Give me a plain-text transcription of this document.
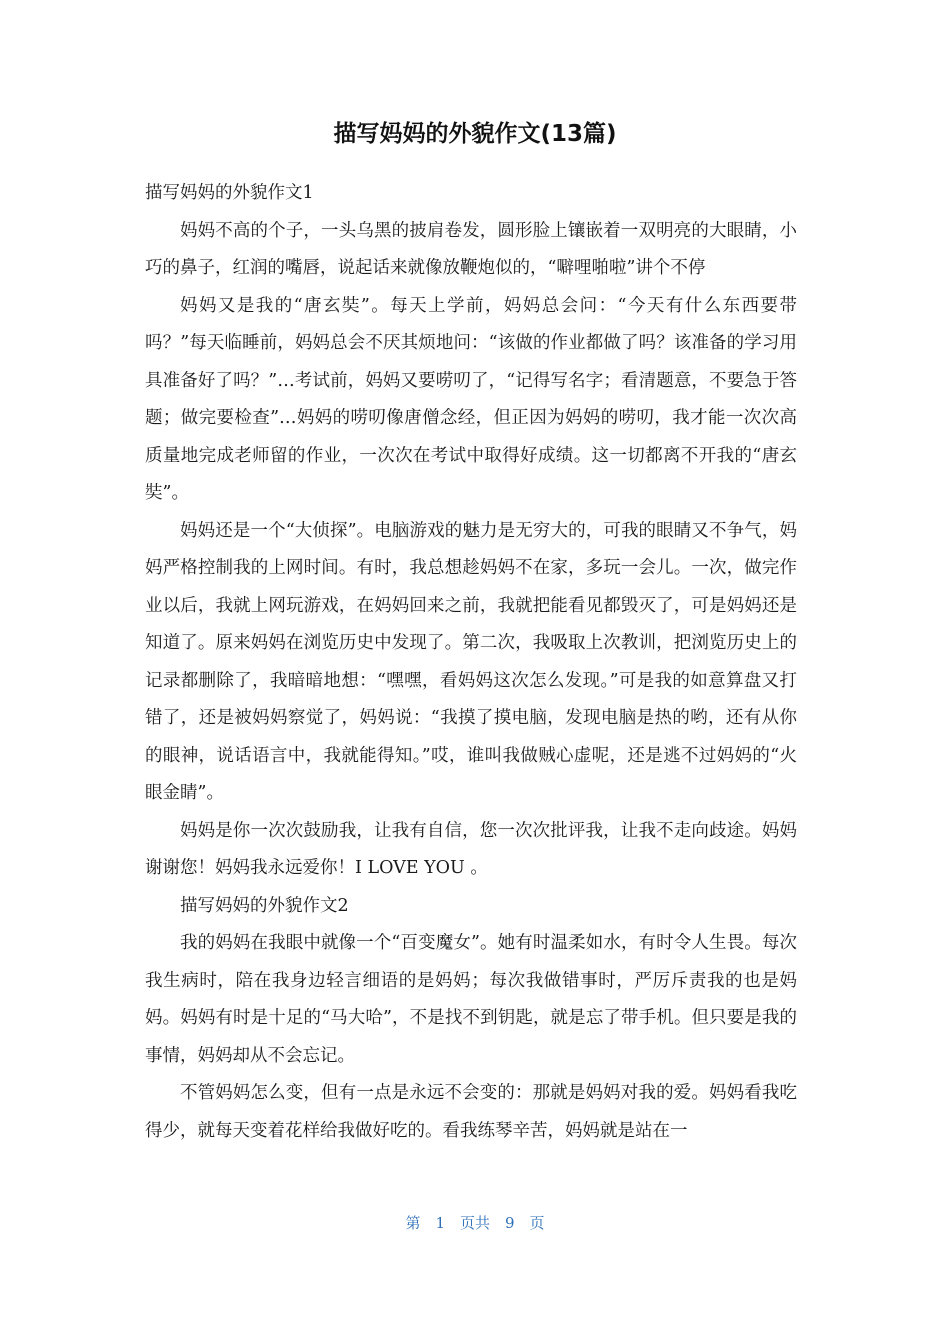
描写妈妈的外貌作文(13篇)

描写妈妈的外貌作文1

妈妈不高的个子，一头乌黑的披肩卷发，圆形脸上镶嵌着一双明亮的大眼睛，小巧的鼻子，红润的嘴唇，说起话来就像放鞭炮似的，“噼哩啪啦”讲个不停

妈妈又是我的“唐玄奘”。每天上学前，妈妈总会问：“今天有什么东西要带吗？”每天临睡前，妈妈总会不厌其烦地问：“该做的作业都做了吗？该准备的学习用具准备好了吗？”…考试前，妈妈又要唠叨了，“记得写名字；看清题意，不要急于答题；做完要检查”…妈妈的唠叨像唐僧念经，但正因为妈妈的唠叨，我才能一次次高质量地完成老师留的作业，一次次在考试中取得好成绩。这一切都离不开我的“唐玄奘”。

妈妈还是一个“大侦探”。电脑游戏的魅力是无穷大的，可我的眼睛又不争气，妈妈严格控制我的上网时间。有时，我总想趁妈妈不在家，多玩一会儿。一次，做完作业以后，我就上网玩游戏，在妈妈回来之前，我就把能看见都毁灭了，可是妈妈还是知道了。原来妈妈在浏览历史中发现了。第二次，我吸取上次教训，把浏览历史上的记录都删除了，我暗暗地想：“嘿嘿，看妈妈这次怎么发现。”可是我的如意算盘又打错了，还是被妈妈察觉了，妈妈说：“我摸了摸电脑，发现电脑是热的哟，还有从你的眼神，说话语言中，我就能得知。”哎，谁叫我做贼心虚呢，还是逃不过妈妈的“火眼金睛”。

妈妈是你一次次鼓励我，让我有自信，您一次次批评我，让我不走向歧途。妈妈谢谢您！妈妈我永远爱你！I LOVE YOU 。

描写妈妈的外貌作文2

我的妈妈在我眼中就像一个“百变魔女”。她有时温柔如水，有时令人生畏。每次我生病时，陪在我身边轻言细语的是妈妈；每次我做错事时，严厉斥责我的也是妈妈。妈妈有时是十足的“马大哈”，不是找不到钥匙，就是忘了带手机。但只要是我的事情，妈妈却从不会忘记。

不管妈妈怎么变，但有一点是永远不会变的：那就是妈妈对我的爱。妈妈看我吃得少，就每天变着花样给我做好吃的。看我练琴辛苦，妈妈就是站在一

第　1　页共　9　页
